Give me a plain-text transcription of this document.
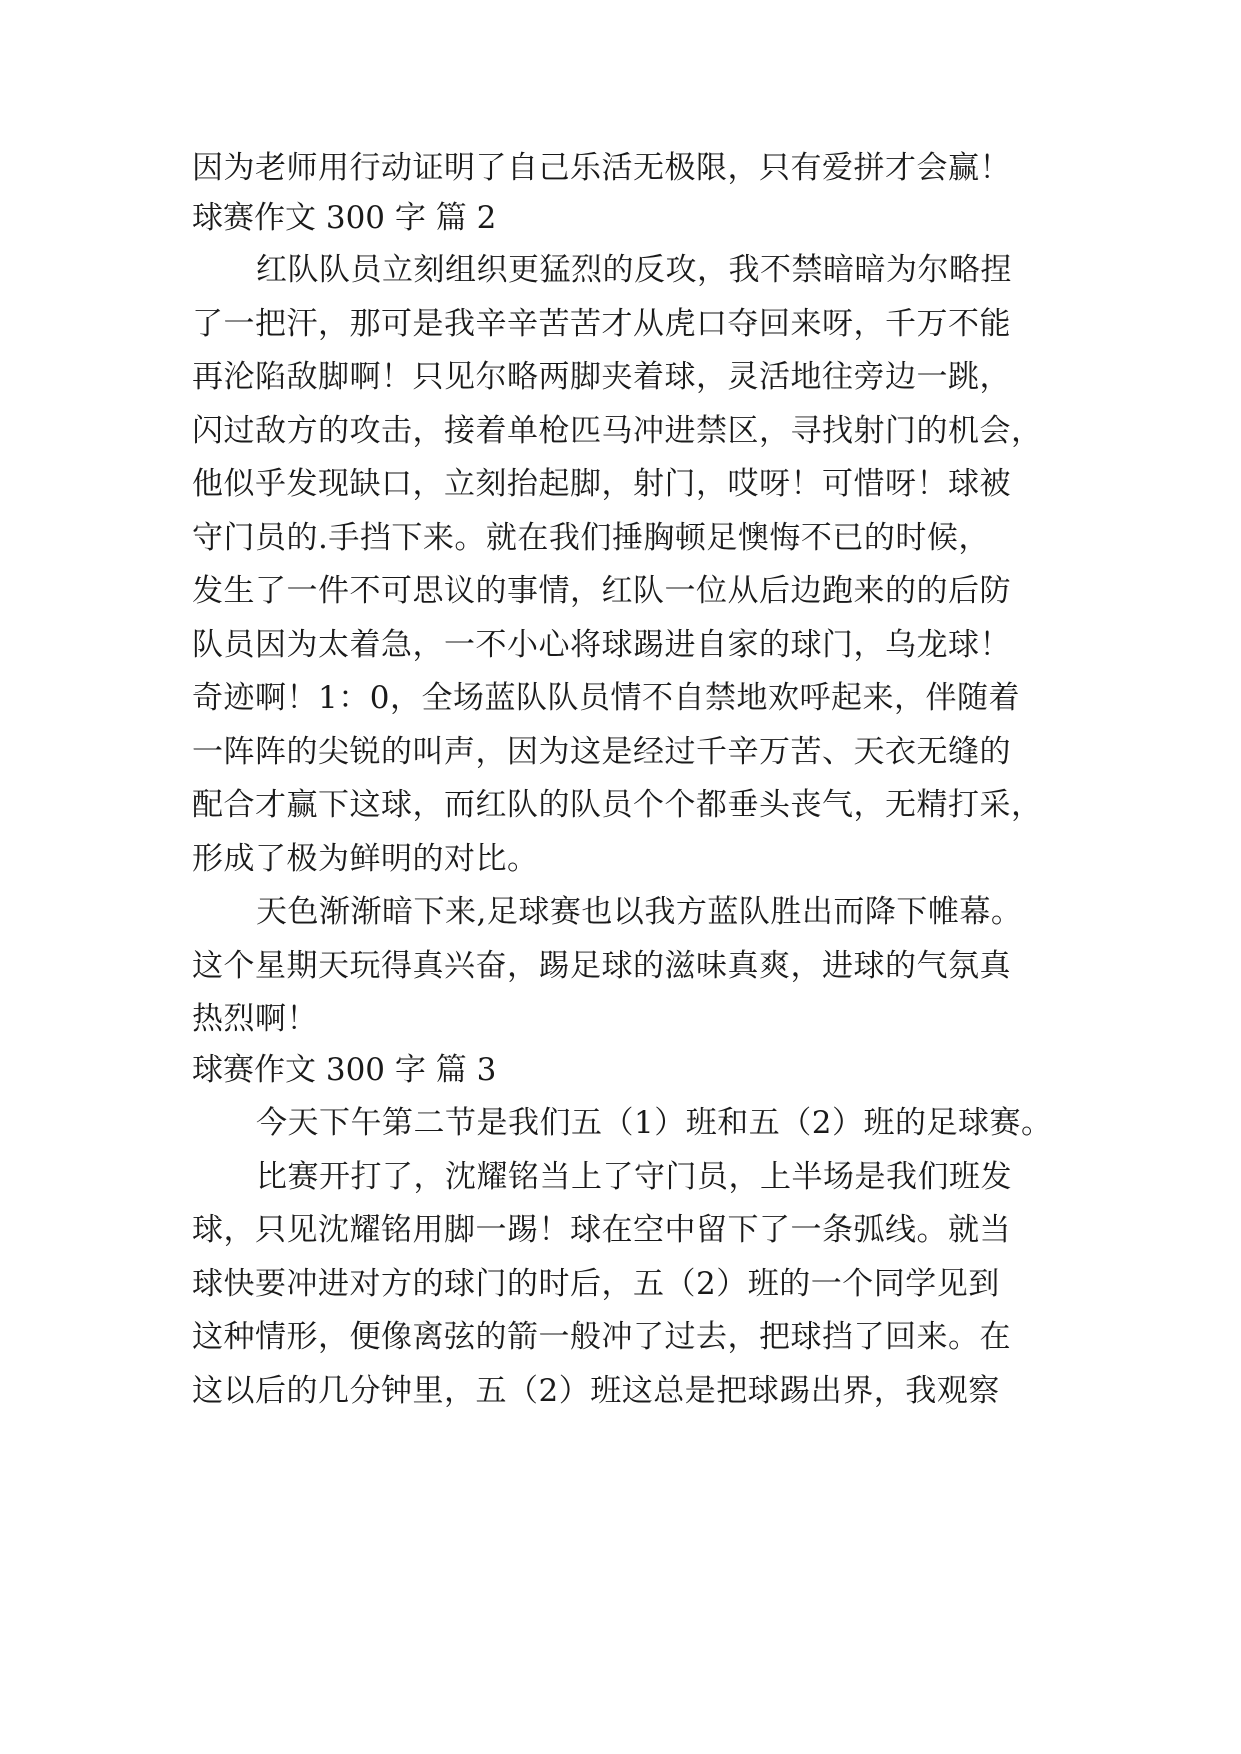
因为老师用行动证明了自己乐活无极限，只有爱拼才会赢！
球赛作文 300 字 篇 2
红队队员立刻组织更猛烈的反攻，我不禁暗暗为尔略捏
了一把汗，那可是我辛辛苦苦才从虎口夺回来呀，千万不能
再沦陷敌脚啊！只见尔略两脚夹着球，灵活地往旁边一跳，
闪过敌方的攻击，接着单枪匹马冲进禁区，寻找射门的机会，
他似乎发现缺口，立刻抬起脚，射门，哎呀！可惜呀！球被
守门员的.手挡下来。就在我们捶胸顿足懊悔不已的时候，
发生了一件不可思议的事情，红队一位从后边跑来的的后防
队员因为太着急，一不小心将球踢进自家的球门，乌龙球！
奇迹啊！1：0，全场蓝队队员情不自禁地欢呼起来，伴随着
一阵阵的尖锐的叫声，因为这是经过千辛万苦、天衣无缝的
配合才赢下这球，而红队的队员个个都垂头丧气，无精打采，
形成了极为鲜明的对比。
天色渐渐暗下来,足球赛也以我方蓝队胜出而降下帷幕。
这个星期天玩得真兴奋，踢足球的滋味真爽，进球的气氛真
热烈啊！
球赛作文 300 字 篇 3
今天下午第二节是我们五（1）班和五（2）班的足球赛。
比赛开打了，沈耀铭当上了守门员，上半场是我们班发
球，只见沈耀铭用脚一踢！球在空中留下了一条弧线。就当
球快要冲进对方的球门的时后，五（2）班的一个同学见到
这种情形，便像离弦的箭一般冲了过去，把球挡了回来。在
这以后的几分钟里，五（2）班这总是把球踢出界，我观察
